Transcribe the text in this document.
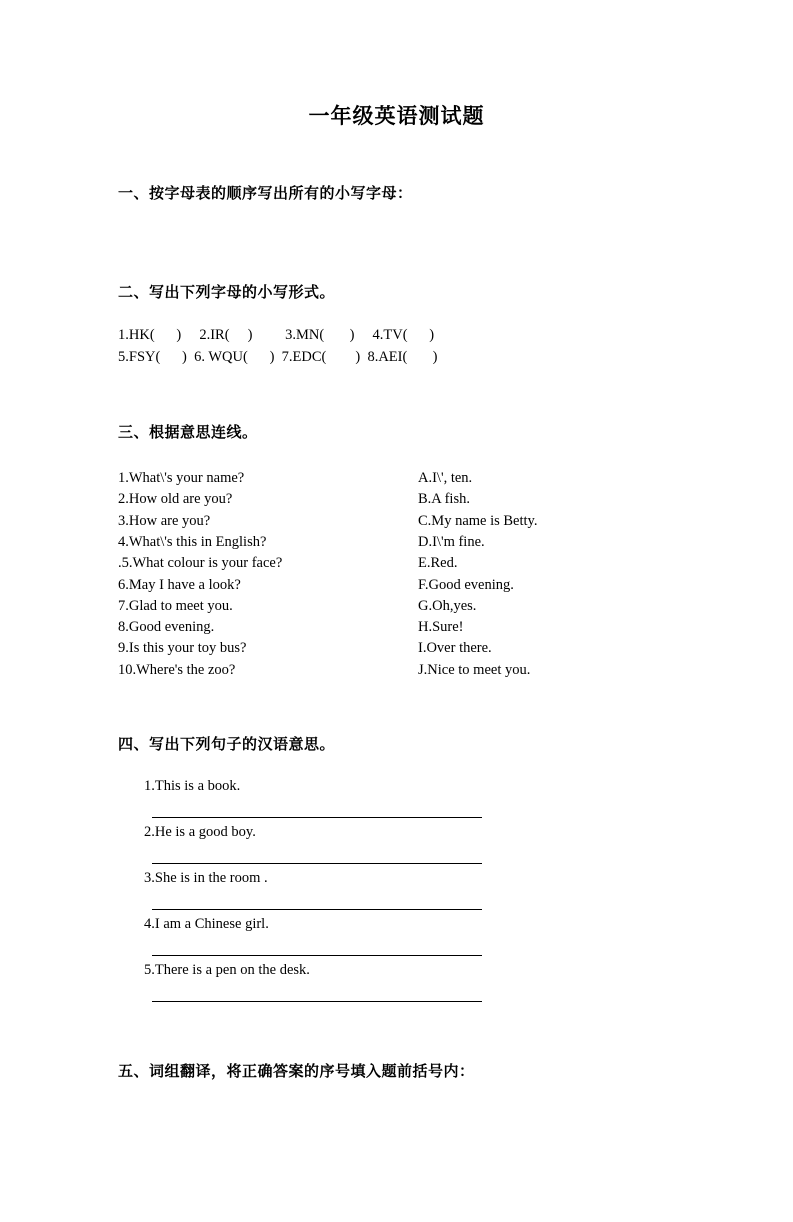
一年级英语测试题
一、按字母表的顺序写出所有的小写字母：
二、写出下列字母的小写形式。
1.HK(      )     2.IR(     )         3.MN(       )     4.TV(      )
5.FSY(      )  6. WQU(      )  7.EDC(        )  8.AEI(       )
三、根据意思连线。
1.What\'s your name?	A.I\', ten.
2.How old are you?	B.A fish.
3.How are you?	C.My name is Betty.
4.What\'s this in English?	D.I\'m fine.
.5.What colour is your face?	E.Red.
6.May I have a look?	F.Good evening.
7.Glad to meet you.	G.Oh,yes.
8.Good evening.	H.Sure!
9.Is this your toy bus?	I.Over there.
10.Where's the zoo?	J.Nice to meet you.
四、写出下列句子的汉语意思。
1.This is a book.
2.He is a good boy.
3.She is in the room .
4.I am a Chinese girl.
5.There is a pen on the desk.
五、词组翻译，将正确答案的序号填入题前括号内：
